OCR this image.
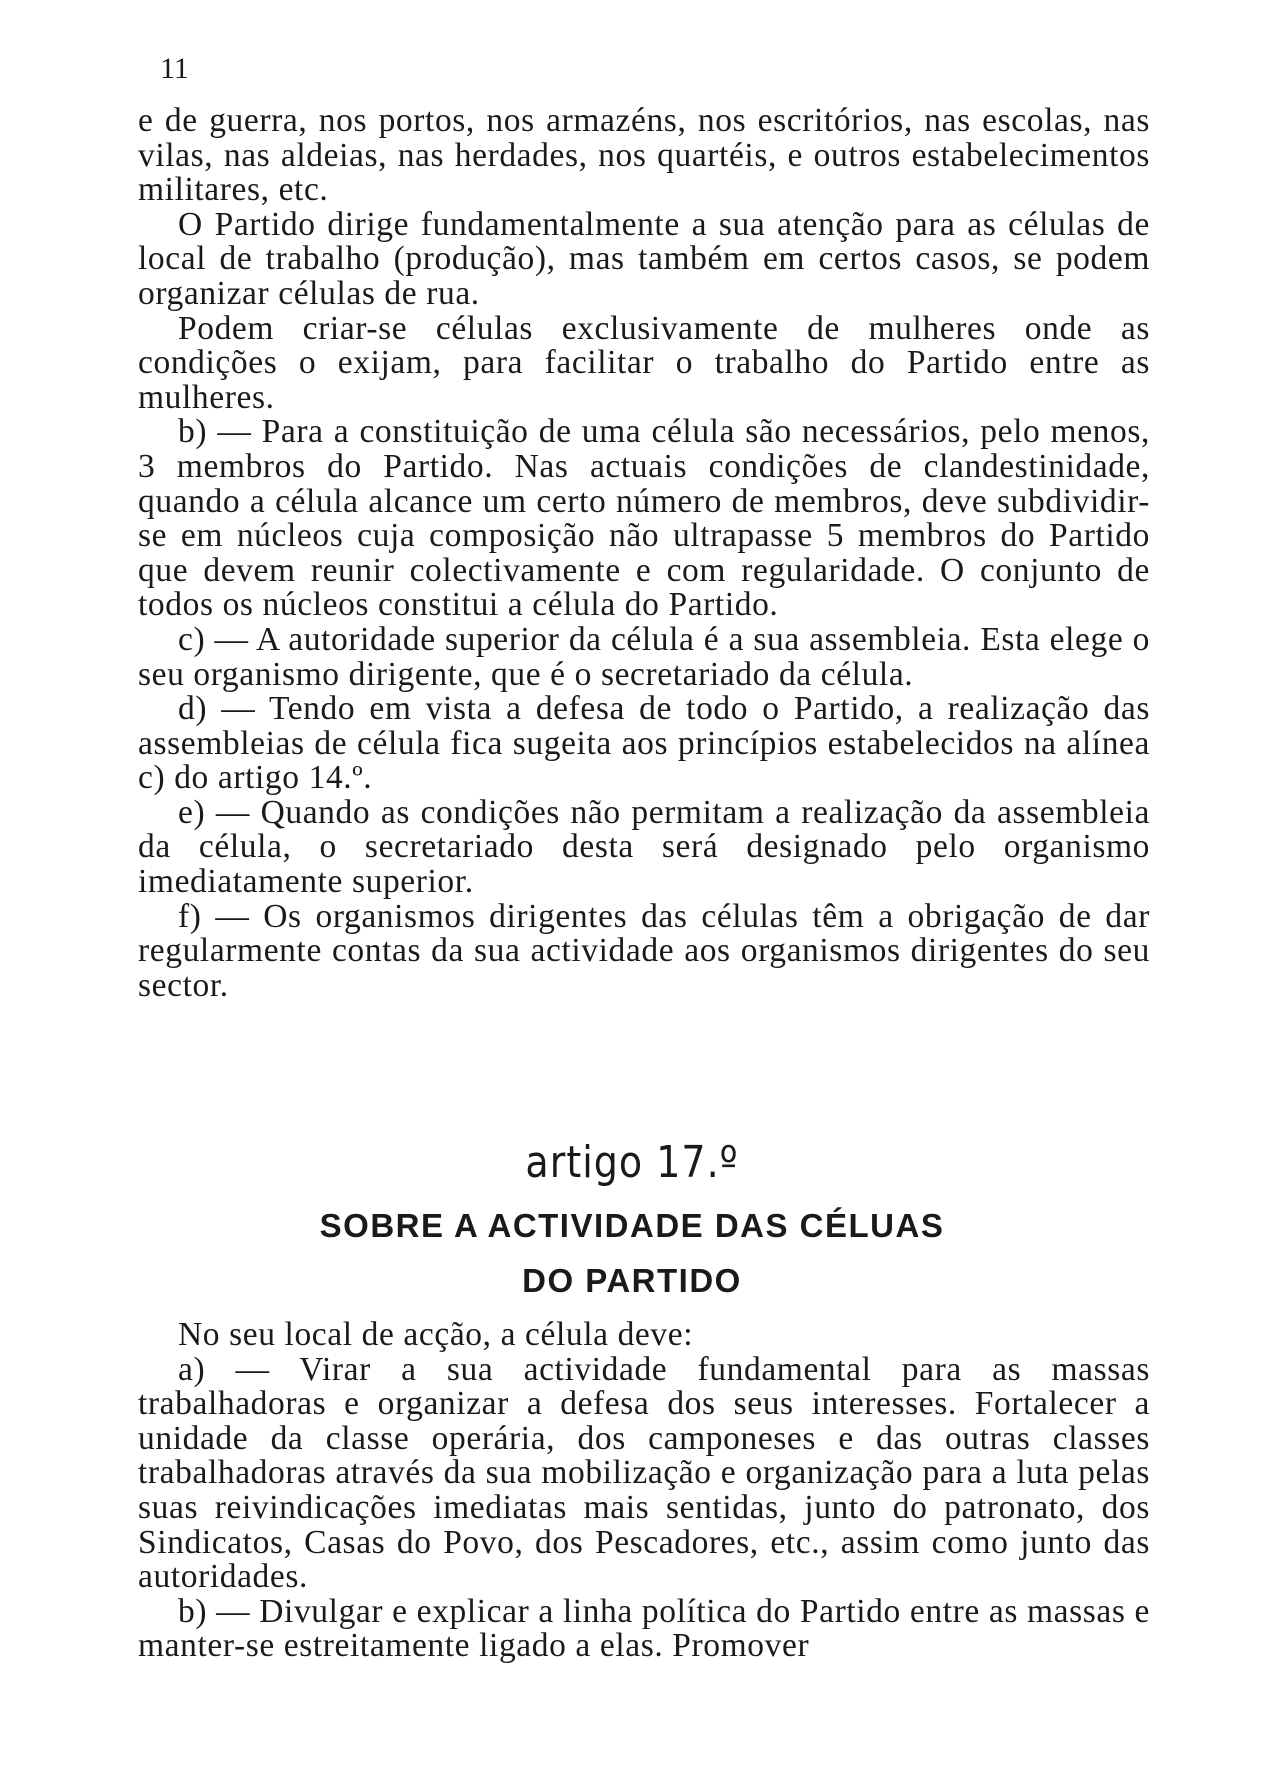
11

e de guerra, nos portos, nos armazéns, nos escritórios, nas escolas, nas vilas, nas aldeias, nas herdades, nos quartéis, e outros estabelecimentos militares, etc.

O Partido dirige fundamentalmente a sua atenção para as células de local de trabalho (produção), mas também em certos casos, se podem organizar células de rua.

Podem criar-se células exclusivamente de mulheres onde as condições o exijam, para facilitar o trabalho do Partido entre as mulheres.

b) — Para a constituição de uma célula são necessários, pelo menos, 3 membros do Partido. Nas actuais condições de clandestinidade, quando a célula alcance um certo número de membros, deve subdividir-se em núcleos cuja composição não ultrapasse 5 membros do Partido que devem reunir colectivamente e com regularidade. O conjunto de todos os núcleos constitui a célula do Partido.

c) — A autoridade superior da célula é a sua assembleia. Esta elege o seu organismo dirigente, que é o secretariado da célula.

d) — Tendo em vista a defesa de todo o Partido, a realização das assembleias de célula fica sugeita aos princípios estabelecidos na alínea c) do artigo 14.º.

e) — Quando as condições não permitam a realização da assembleia da célula, o secretariado desta será designado pelo organismo imediatamente superior.

f) — Os organismos dirigentes das células têm a obrigação de dar regularmente contas da sua actividade aos organismos dirigentes do seu sector.

artigo 17.º
SOBRE A ACTIVIDADE DAS CÉLUAS
DO PARTIDO

No seu local de acção, a célula deve:

a) — Virar a sua actividade fundamental para as massas trabalhadoras e organizar a defesa dos seus interesses. Fortalecer a unidade da classe operária, dos camponeses e das outras classes trabalhadoras através da sua mobilização e organização para a luta pelas suas reivindicações imediatas mais sentidas, junto do patronato, dos Sindicatos, Casas do Povo, dos Pescadores, etc., assim como junto das autoridades.

b) — Divulgar e explicar a linha política do Partido entre as massas e manter-se estreitamente ligado a elas. Promover
